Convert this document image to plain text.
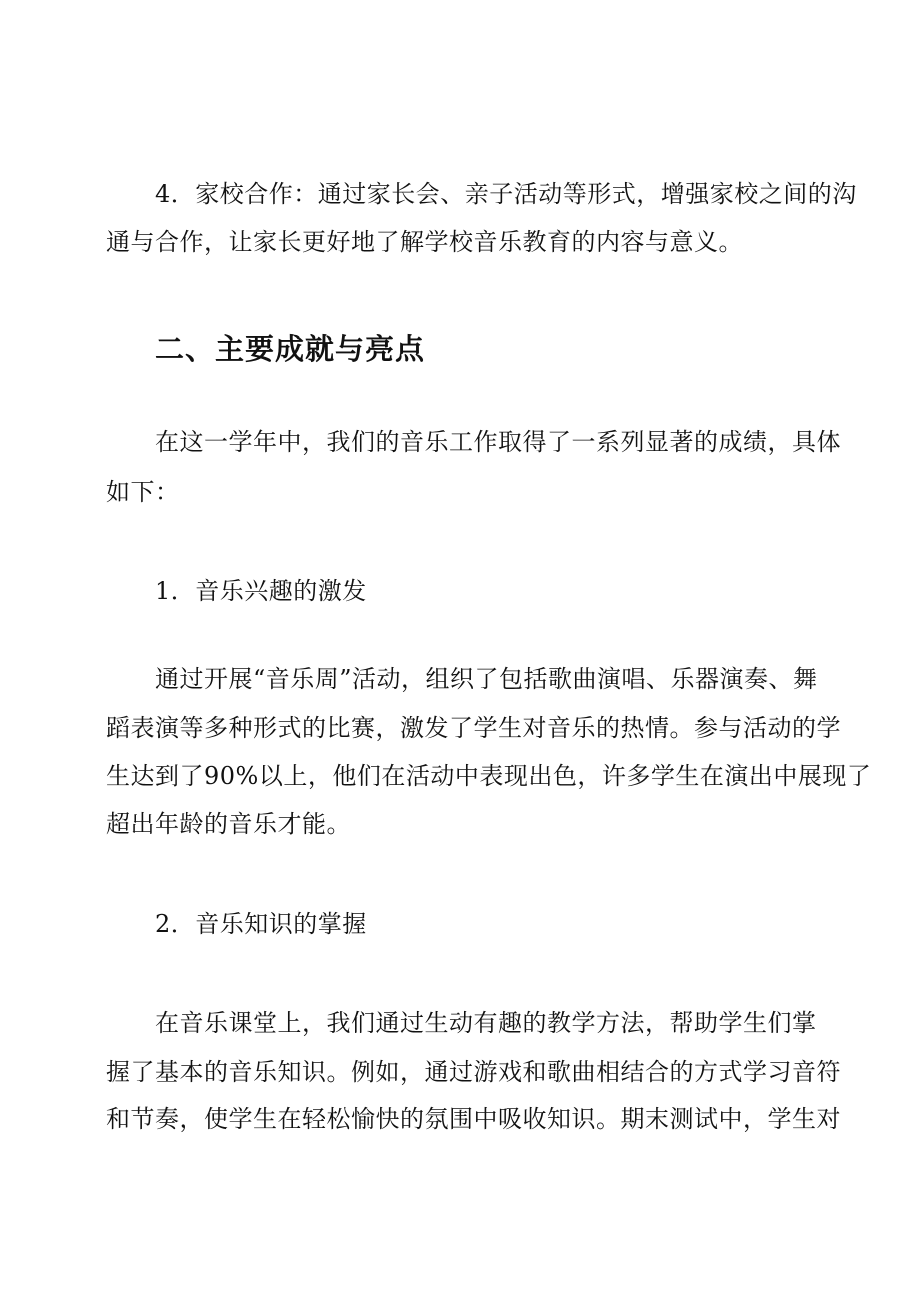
4．家校合作：通过家长会、亲子活动等形式，增强家校之间的沟
通与合作，让家长更好地了解学校音乐教育的内容与意义。
二、主要成就与亮点
在这一学年中，我们的音乐工作取得了一系列显著的成绩，具体
如下：
1．音乐兴趣的激发
通过开展“音乐周”活动，组织了包括歌曲演唱、乐器演奏、舞
蹈表演等多种形式的比赛，激发了学生对音乐的热情。参与活动的学
生达到了90%以上，他们在活动中表现出色，许多学生在演出中展现了
超出年龄的音乐才能。
2．音乐知识的掌握
在音乐课堂上，我们通过生动有趣的教学方法，帮助学生们掌
握了基本的音乐知识。例如，通过游戏和歌曲相结合的方式学习音符
和节奏，使学生在轻松愉快的氛围中吸收知识。期末测试中，学生对
